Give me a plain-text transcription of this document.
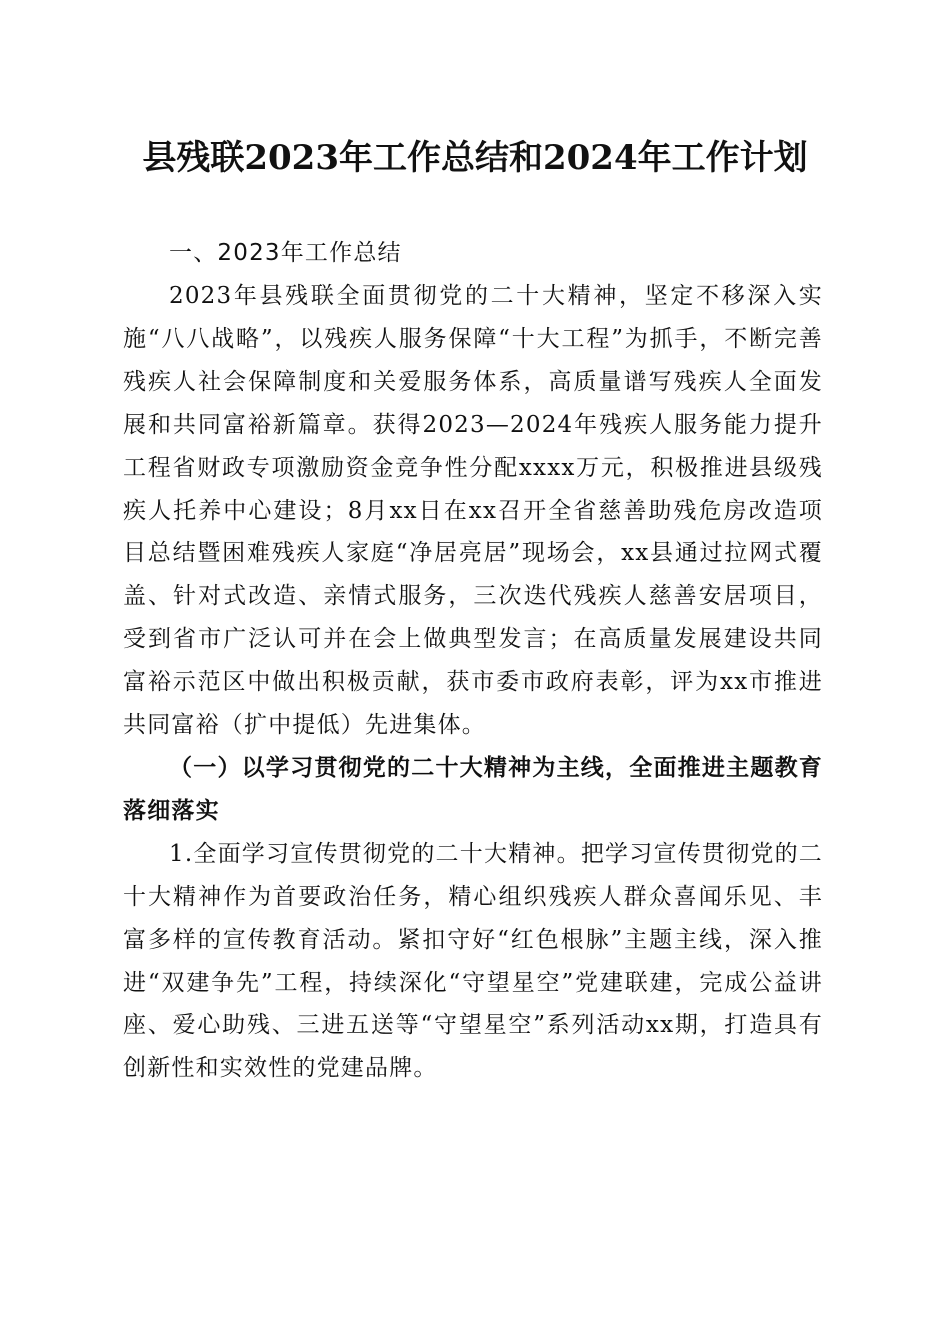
县残联2023年工作总结和2024年工作计划

一、2023年工作总结

2023年县残联全面贯彻党的二十大精神，坚定不移深入实施“八八战略”，以残疾人服务保障“十大工程”为抓手，不断完善残疾人社会保障制度和关爱服务体系，高质量谱写残疾人全面发展和共同富裕新篇章。获得2023—2024年残疾人服务能力提升工程省财政专项激励资金竞争性分配xxxx万元，积极推进县级残疾人托养中心建设；8月xx日在xx召开全省慈善助残危房改造项目总结暨困难残疾人家庭“净居亮居”现场会，xx县通过拉网式覆盖、针对式改造、亲情式服务，三次迭代残疾人慈善安居项目，受到省市广泛认可并在会上做典型发言；在高质量发展建设共同富裕示范区中做出积极贡献，获市委市政府表彰，评为xx市推进共同富裕（扩中提低）先进集体。

（一）以学习贯彻党的二十大精神为主线，全面推进主题教育落细落实

1.全面学习宣传贯彻党的二十大精神。把学习宣传贯彻党的二十大精神作为首要政治任务，精心组织残疾人群众喜闻乐见、丰富多样的宣传教育活动。紧扣守好“红色根脉”主题主线，深入推进“双建争先”工程，持续深化“守望星空”党建联建，完成公益讲座、爱心助残、三进五送等“守望星空”系列活动xx期，打造具有创新性和实效性的党建品牌。
